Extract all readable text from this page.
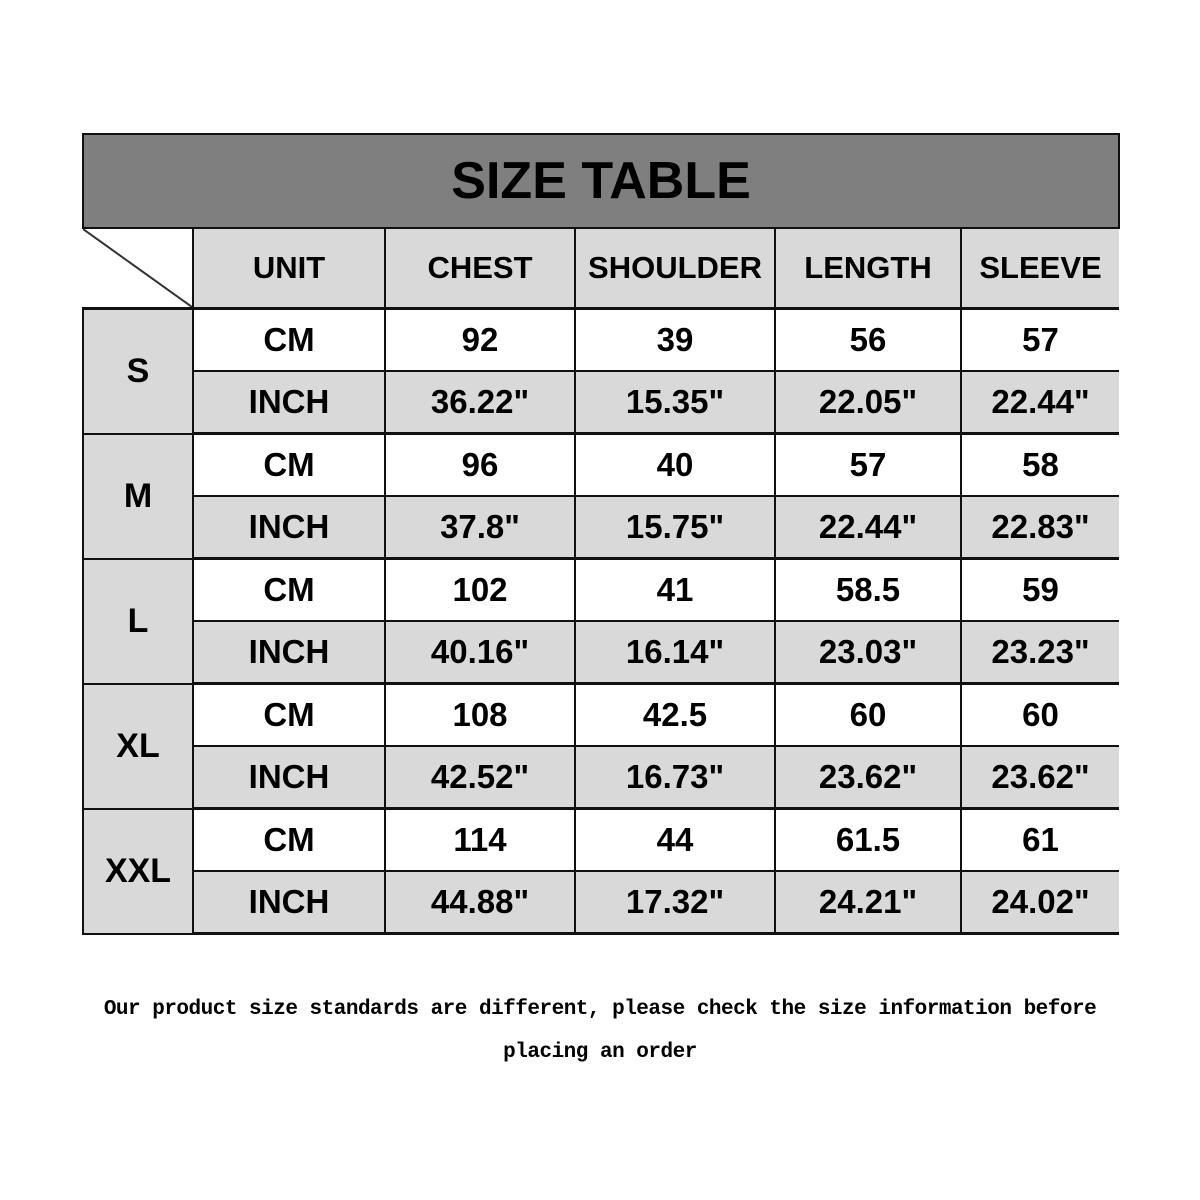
SIZE TABLE					

	UNIT	CHEST	SHOULDER	LENGTH	SLEEVE
S	CM	92	39	56	57
	INCH	36.22"	15.35"	22.05"	22.44"
M	CM	96	40	57	58
	INCH	37.8"	15.75"	22.44"	22.83"
L	CM	102	41	58.5	59
	INCH	40.16"	16.14"	23.03"	23.23"
XL	CM	108	42.5	60	60
	INCH	42.52"	16.73"	23.62"	23.62"
XXL	CM	114	44	61.5	61
	INCH	44.88"	17.32"	24.21"	24.02"
Our product size standards are different, please check the size information before placing an order
